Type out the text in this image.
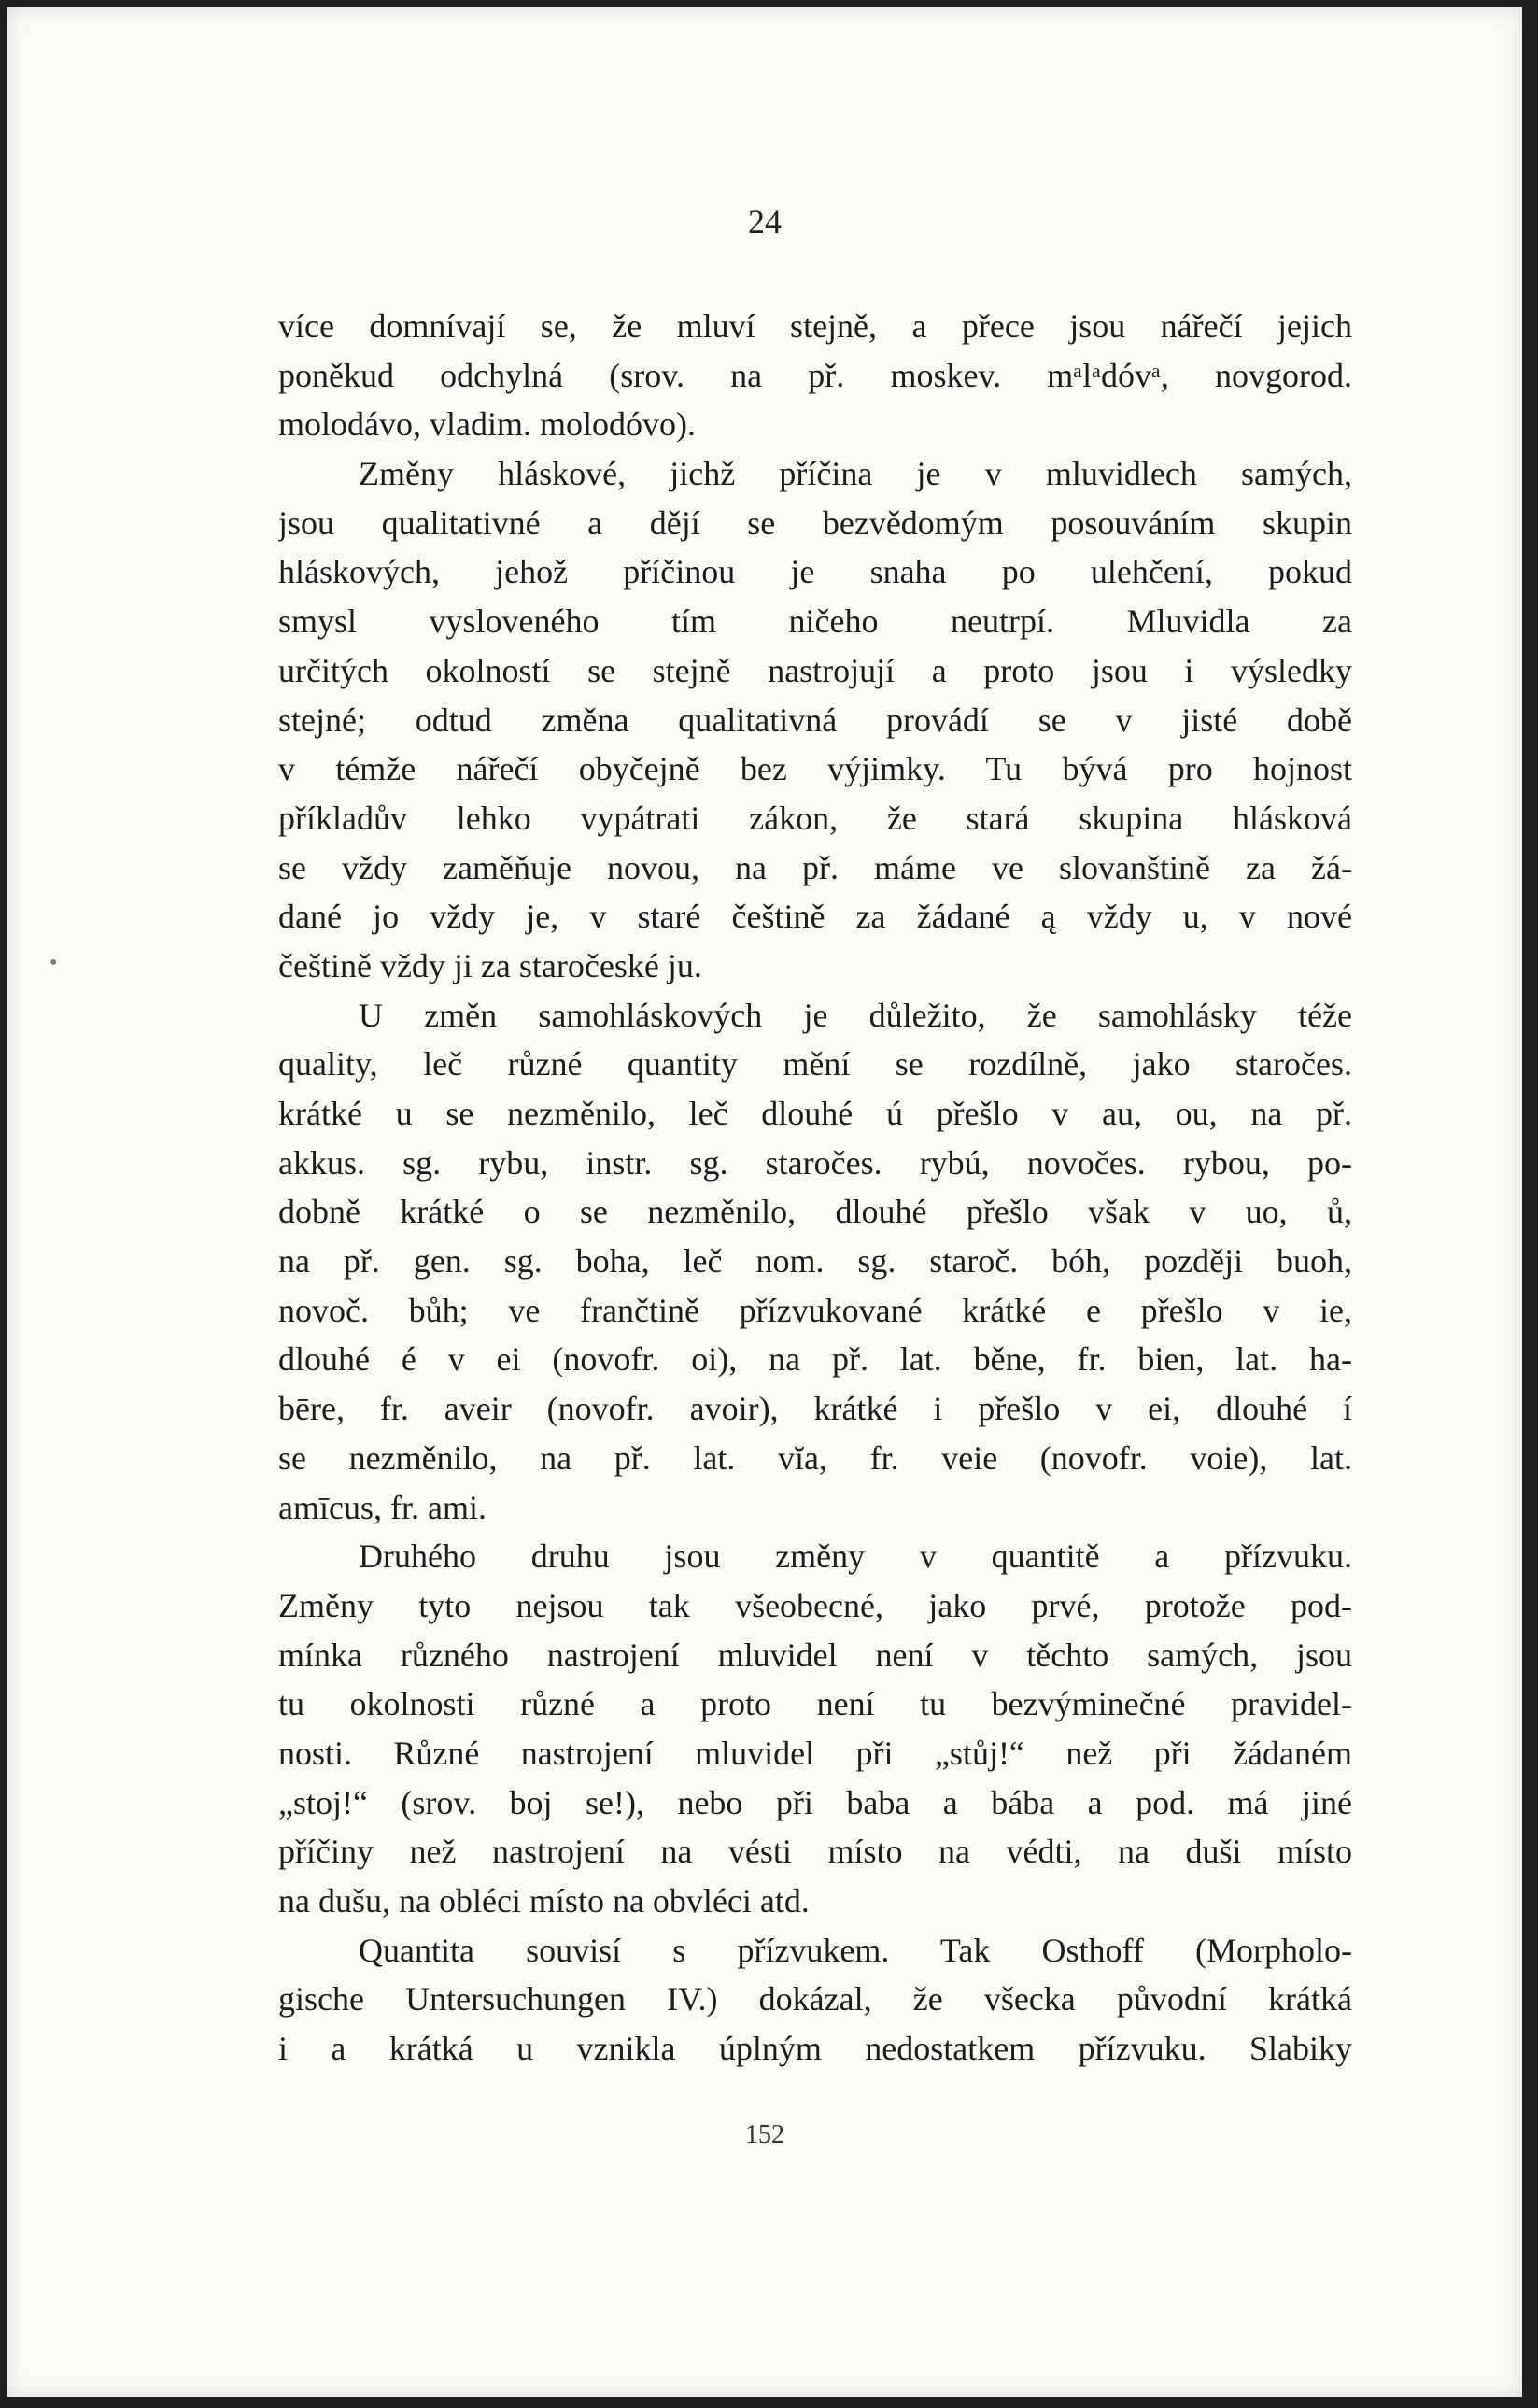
24
•
více domnívají se, že mluví stejně, a přece jsou nářečí jejich
poněkud odchylná (srov. na př. moskev. mᵃlᵃdóvᵃ, novgorod.
molodávo, vladim. molodóvo).
Změny hláskové, jichž příčina je v mluvidlech samých,
jsou qualitativné a dějí se bezvědomým posouváním skupin
hláskových, jehož příčinou je snaha po ulehčení, pokud
smysl vysloveného tím ničeho neutrpí. Mluvidla za
určitých okolností se stejně nastrojují a proto jsou i výsledky
stejné; odtud změna qualitativná provádí se v jisté době
v témže nářečí obyčejně bez výjimky. Tu bývá pro hojnost
příkladův lehko vypátrati zákon, že stará skupina hlásková
se vždy zaměňuje novou, na př. máme ve slovanštině za žá-
dané jo vždy je, v staré češtině za žádané ą vždy u, v nové
češtině vždy ji za staročeské ju.
U změn samohláskových je důležito, že samohlásky téže
quality, leč různé quantity mění se rozdílně, jako staročes.
krátké u se nezměnilo, leč dlouhé ú přešlo v au, ou, na př.
akkus. sg. rybu, instr. sg. staročes. rybú, novočes. rybou, po-
dobně krátké o se nezměnilo, dlouhé přešlo však v uo, ů,
na př. gen. sg. boha, leč nom. sg. staroč. bóh, později buoh,
novoč. bůh; ve frančtině přízvukované krátké e přešlo v ie,
dlouhé é v ei (novofr. oi), na př. lat. běne, fr. bien, lat. ha-
bēre, fr. aveir (novofr. avoir), krátké i přešlo v ei, dlouhé í
se nezměnilo, na př. lat. vĭa, fr. veie (novofr. voie), lat.
amīcus, fr. ami.
Druhého druhu jsou změny v quantitě a přízvuku.
Změny tyto nejsou tak všeobecné, jako prvé, protože pod-
mínka různého nastrojení mluvidel není v těchto samých, jsou
tu okolnosti různé a proto není tu bezvýminečné pravidel-
nosti. Různé nastrojení mluvidel při „stůj!“ než při žádaném
„stoj!“ (srov. boj se!), nebo při baba a bába a pod. má jiné
příčiny než nastrojení na vésti místo na védti, na duši místo
na dušu, na obléci místo na obvléci atd.
Quantita souvisí s přízvukem. Tak Osthoff (Morpholo-
gische Untersuchungen IV.) dokázal, že všecka původní krátká
i a krátká u vznikla úplným nedostatkem přízvuku. Slabiky
152
